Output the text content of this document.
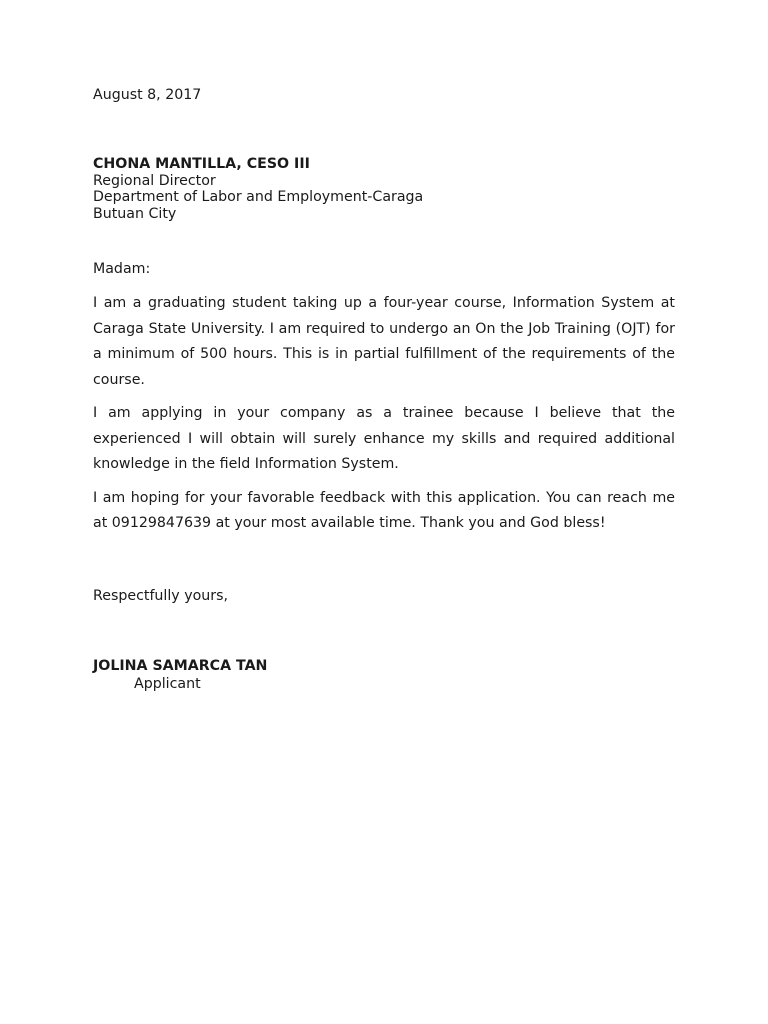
August 8, 2017
CHONA MANTILLA, CESO III
Regional Director
Department of Labor and Employment-Caraga
Butuan City
Madam:

I am a graduating student taking up a four-year course, Information System at Caraga State University. I am required to undergo an On the Job Training (OJT) for a minimum of 500 hours. This is in partial fulfillment of the requirements of the course.

I am applying in your company as a trainee because I believe that the experienced I will obtain will surely enhance my skills and required additional knowledge in the field Information System.

I am hoping for your favorable feedback with this application. You can reach me at 09129847639 at your most available time. Thank you and God bless!

Respectfully yours,
JOLINA SAMARCA TAN
Applicant
